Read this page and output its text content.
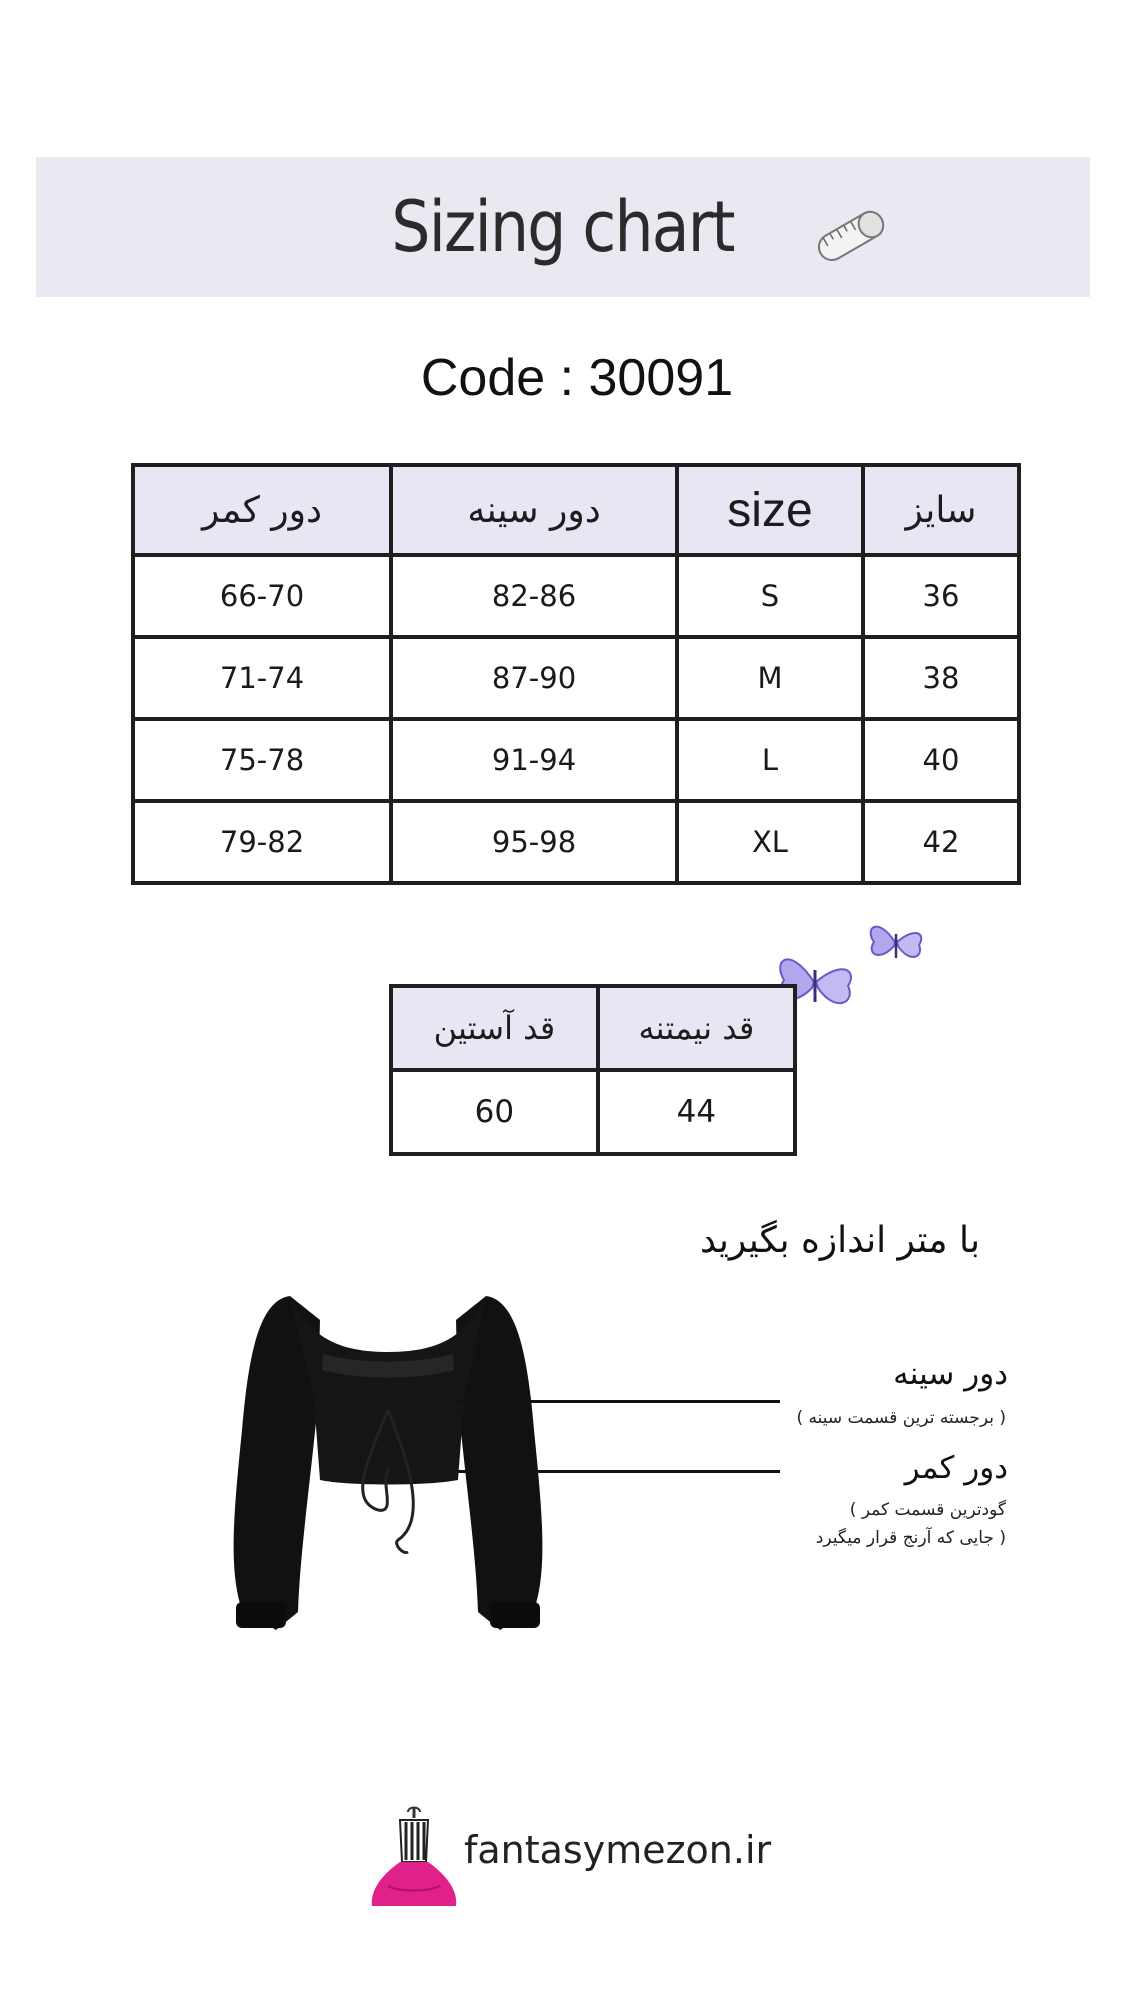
Sizing chart
Code : 30091
دور کمر	دور سینه	size	سایز
66-70	82-86	S	36
71-74	87-90	M	38
75-78	91-94	L	40
79-82	95-98	XL	42
قد آستین	قد نیمتنه
60	44
با متر اندازه بگیرید
دور سینه
( برجسته ترین قسمت سینه )
دور کمر
( گودترین قسمت کمر
جایی که آرنج قرار میگیرد )
fantasymezon.ir
